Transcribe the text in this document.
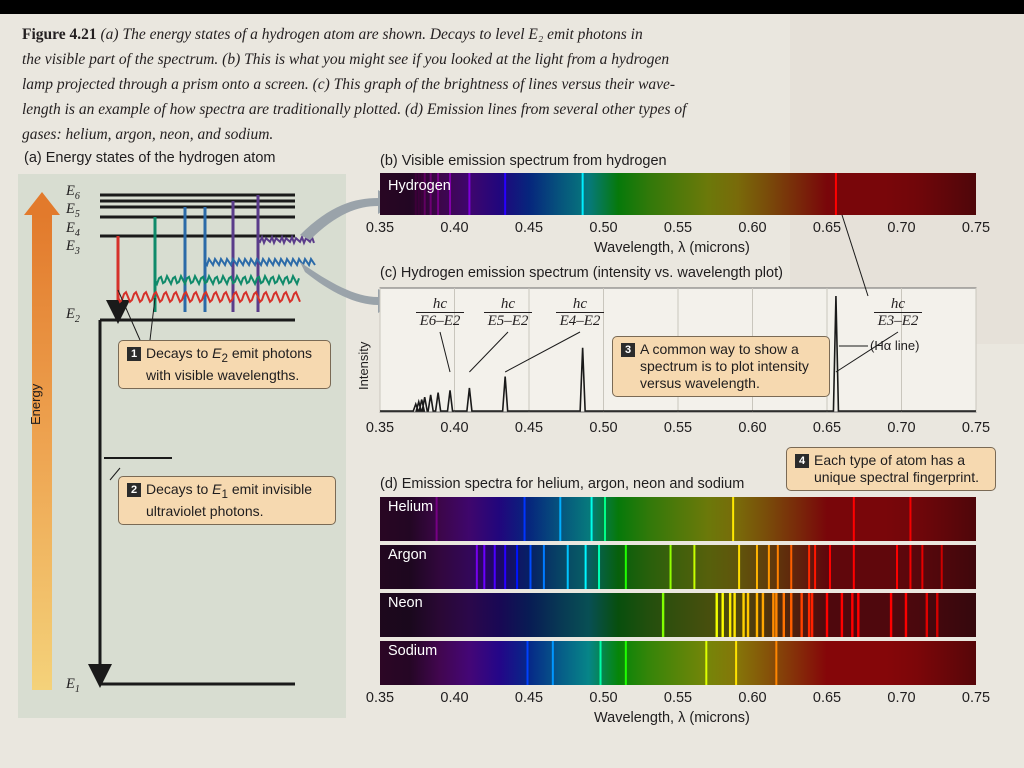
Figure 4.21 (a) The energy states of a hydrogen atom are shown. Decays to level E₂ emit photons in
the visible part of the spectrum. (b) This is what you might see if you looked at the light from a hydrogen
lamp projected through a prism onto a screen. (c) This graph of the brightness of lines versus their wave-
length is an example of how spectra are traditionally plotted. (d) Emission lines from several other types of
gases: helium, argon, neon, and sodium.
(a) Energy states of the hydrogen atom
Energy
$E_6$
$E_5$
$E_4$
$E_3$
$E_2$
$E_1$
1 Decays to $E_2$ emit photons
with visible wavelengths.
2 Decays to $E_1$ emit invisible
ultraviolet photons.
(b) Visible emission spectrum from hydrogen
Hydrogen
0.35	0.40	0.45	0.50	0.55	0.60	0.65	0.70	0.75
Wavelength, λ (microns)
(c) Hydrogen emission spectrum (intensity vs. wavelength plot)
Intensity
$\frac{hc}{E6-E2} \frac{hc}{E5-E2} \frac{hc}{E4-E2}$	$\frac{hc}{E3-E2}$
(Hα line)
3 A common way to show a
spectrum is to plot intensity
versus wavelength.
0.35	0.40	0.45	0.50	0.55	0.60	0.65	0.70	0.75
(d) Emission spectra for helium, argon, neon and sodium
4 Each type of atom has a
unique spectral fingerprint.
Helium
Argon
Neon
Sodium
0.35	0.40	0.45	0.50	0.55	0.60	0.65	0.70	0.75
Wavelength, λ (microns)
